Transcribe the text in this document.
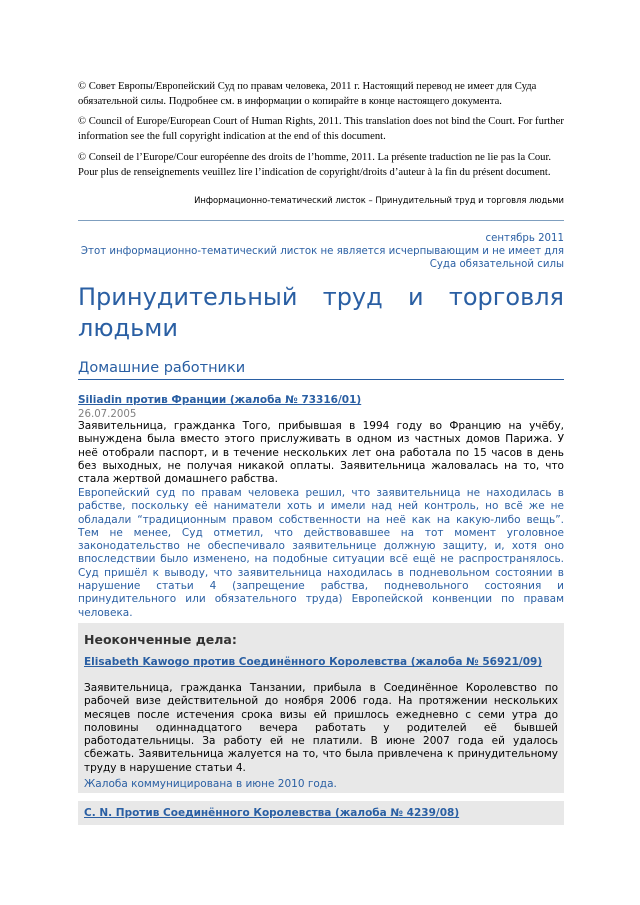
© Совет Европы/Европейский Суд по правам человека, 2011 г. Настоящий перевод не имеет для Суда обязательной силы. Подробнее см. в информации о копирайте в конце настоящего документа.

© Council of Europe/European Court of Human Rights, 2011. This translation does not bind the Court. For further information see the full copyright indication at the end of this document.

© Conseil de l’Europe/Cour européenne des droits de l’homme, 2011. La présente traduction ne lie pas la Cour. Pour plus de renseignements veuillez lire l’indication de copyright/droits d’auteur à la fin du présent document.

Информационно-тематический листок – Принудительный труд и торговля людьми
сентябрь 2011
Этот информационно-тематический листок не является исчерпывающим и не имеет для Суда обязательной силы
Принудительный труд и торговля людьми
Домашние работники
Siliadin против Франции (жалоба № 73316/01)
26.07.2005

Заявительница, гражданка Того, прибывшая в 1994 году во Францию на учёбу, вынуждена была вместо этого прислуживать в одном из частных домов Парижа. У неё отобрали паспорт, и в течение нескольких лет она работала по 15 часов в день без выходных, не получая никакой оплаты. Заявительница жаловалась на то, что стала жертвой домашнего рабства.

Европейский суд по правам человека решил, что заявительница не находилась в рабстве, поскольку её наниматели хоть и имели над ней контроль, но всё же не обладали “традиционным правом собственности на неё как на какую-либо вещь”. Тем не менее, Суд отметил, что действовавшее на тот момент уголовное законодательство не обеспечивало заявительнице должную защиту, и, хотя оно впоследствии было изменено, на подобные ситуации всё ещё не распространялось. Суд пришёл к выводу, что заявительница находилась в подневольном состоянии в нарушение статьи 4 (запрещение рабства, подневольного состояния и принудительного или обязательного труда) Европейской конвенции по правам человека.

Неоконченные дела:
Elisabeth Kawogo против Соединённого Королевства (жалоба № 56921/09)

Заявительница, гражданка Танзании, прибыла в Соединённое Королевство по рабочей визе действительной до ноября 2006 года. На протяжении нескольких месяцев после истечения срока визы ей пришлось ежедневно с семи утра до половины одиннадцатого вечера работать у родителей её бывшей работодательницы. За работу ей не платили. В июне 2007 года ей удалось сбежать. Заявительница жалуется на то, что была привлечена к принудительному труду в нарушение статьи 4.

Жалоба коммуницирована в июне 2010 года.

C. N. Против Соединённого Королевства (жалоба № 4239/08)
